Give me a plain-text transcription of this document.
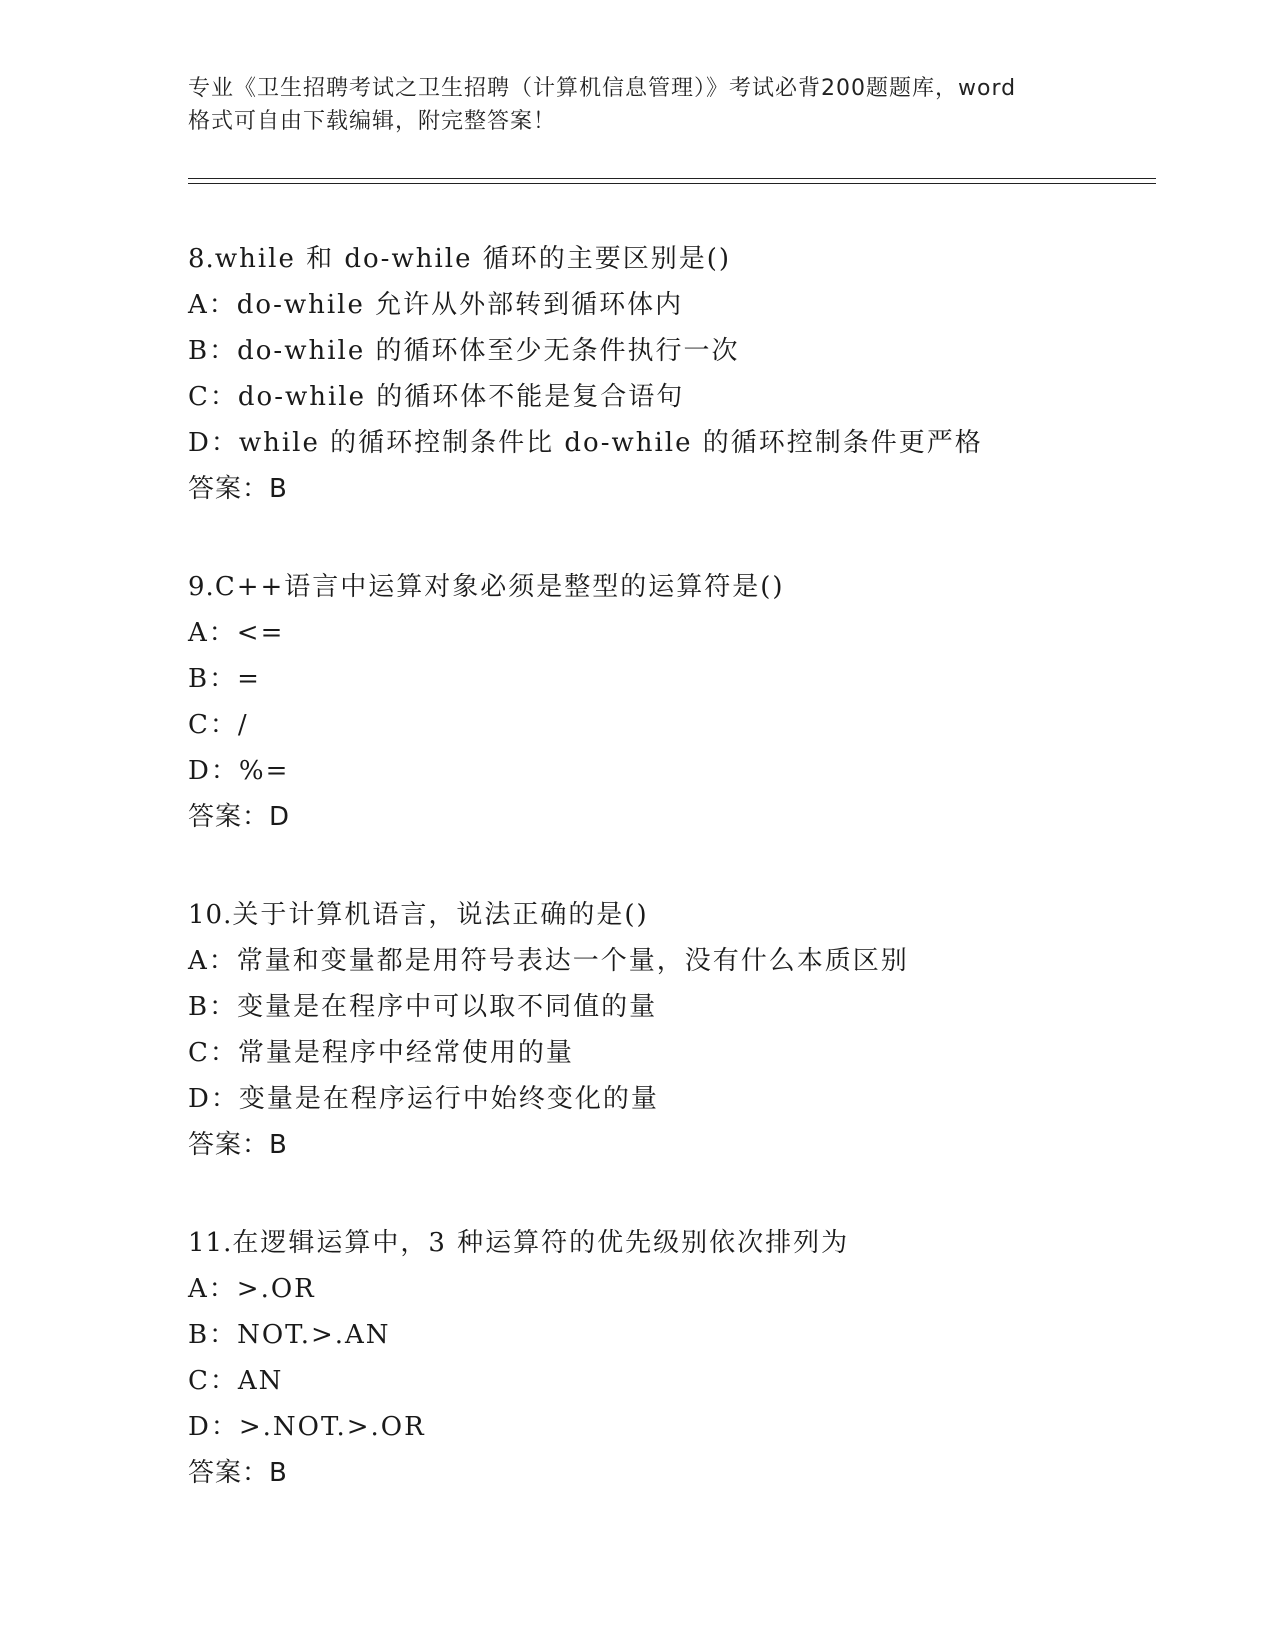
专业《卫生招聘考试之卫生招聘（计算机信息管理）》考试必背200题题库，word
格式可自由下载编辑，附完整答案！
8.while 和 do-while 循环的主要区别是()
A：do-while 允许从外部转到循环体内
B：do-while 的循环体至少无条件执行一次
C：do-while 的循环体不能是复合语句
D：while 的循环控制条件比 do-while 的循环控制条件更严格
答案：B
9.C++语言中运算对象必须是整型的运算符是()
A：<=
B：=
C：/
D：%=
答案：D
10.关于计算机语言，说法正确的是()
A：常量和变量都是用符号表达一个量，没有什么本质区别
B：变量是在程序中可以取不同值的量
C：常量是程序中经常使用的量
D：变量是在程序运行中始终变化的量
答案：B
11.在逻辑运算中，3 种运算符的优先级别依次排列为
A：>.OR
B：NOT.>.AN
C：AN
D：>.NOT.>.OR
答案：B
